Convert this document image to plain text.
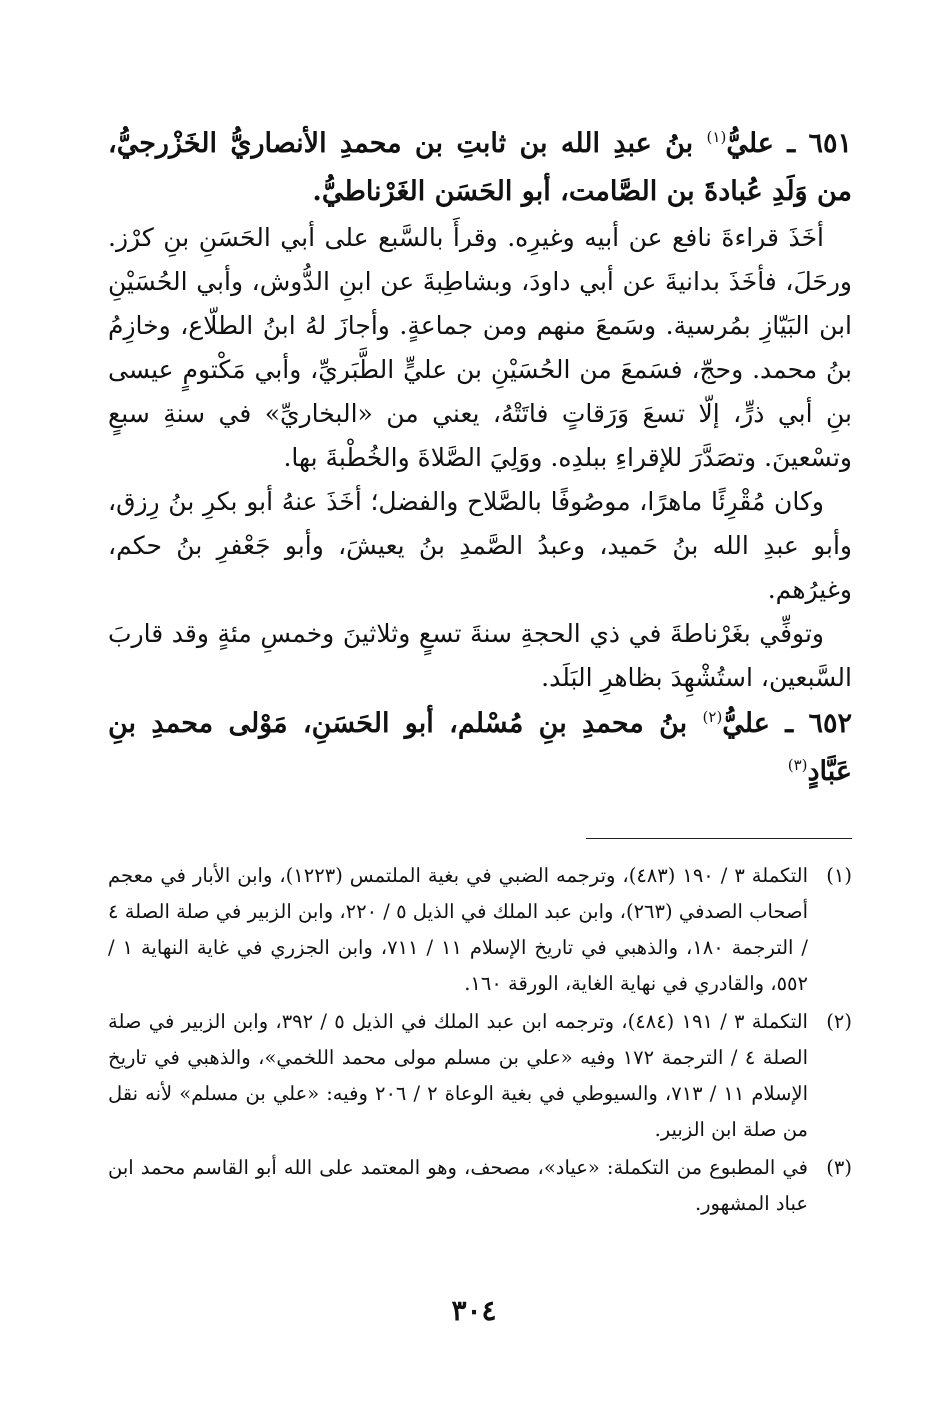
٦٥١ ـ عليُّ$^{(١)}$ بنُ عبدِ الله بن ثابتِ بن محمدِ الأنصاريُّ الخَزْرجيُّ، من وَلَدِ عُبادةَ بن الصَّامت، أبو الحَسَن الغَرْناطيُّ.

أخَذَ قراءةَ نافع عن أبيه وغيرِه. وقرأَ بالسَّبع على أبي الحَسَنِ بنِ كرْز. ورحَلَ، فأخَذَ بدانيةَ عن أبي داودَ، وبشاطِبةَ عن ابنِ الدُّوش، وأبي الحُسَيْنِ ابن البَيّازِ بمُرسية. وسَمعَ منهم ومن جماعةٍ. وأجازَ لهُ ابنُ الطلّاع، وخازِمُ بنُ محمد. وحجّ، فسَمعَ من الحُسَيْنِ بن عليٍّ الطَّبَريِّ، وأبي مَكْتومٍ عيسى بنِ أبي ذرٍّ، إلّا تسعَ وَرَقاتٍ فاتَتْهُ، يعني من «البخاريِّ» في سنةِ سبعٍ وتسْعينَ. وتصَدَّرَ للإقراءِ ببلدِه. ووَلِيَ الصَّلاةَ والخُطْبةَ بها.

وكان مُقْرِئًا ماهرًا، موصُوفًا بالصَّلاح والفضل؛ أخَذَ عنهُ أبو بكرِ بنُ رِزق، وأبو عبدِ الله بنُ حَميد، وعبدُ الصَّمدِ بنُ يعيشَ، وأبو جَعْفرِ بنُ حكم، وغيرُهم.

وتوفِّي بغَرْناطةَ في ذي الحجةِ سنةَ تسعٍ وثلاثينَ وخمسِ مئةٍ وقد قاربَ السَّبعين، استُشْهِدَ بظاهرِ البَلَد.

٦٥٢ ـ عليُّ$^{(٢)}$ بنُ محمدِ بنِ مُسْلم، أبو الحَسَنِ، مَوْلى محمدِ بنِ عَبَّادٍ$^{(٣)}$

(١)
التكملة ٣ / ١٩٠ (٤٨٣)، وترجمه الضبي في بغية الملتمس (١٢٢٣)، وابن الأبار في معجم أصحاب الصدفي (٢٦٣)، وابن عبد الملك في الذيل ٥ / ٢٢٠، وابن الزبير في صلة الصلة ٤ / الترجمة ١٨٠، والذهبي في تاريخ الإسلام ١١ / ٧١١، وابن الجزري في غاية النهاية ١ / ٥٥٢، والقادري في نهاية الغاية، الورقة ١٦٠.
(٢)
التكملة ٣ / ١٩١ (٤٨٤)، وترجمه ابن عبد الملك في الذيل ٥ / ٣٩٢، وابن الزبير في صلة الصلة ٤ / الترجمة ١٧٢ وفيه «علي بن مسلم مولى محمد اللخمي»، والذهبي في تاريخ الإسلام ١١ / ٧١٣، والسيوطي في بغية الوعاة ٢ / ٢٠٦ وفيه: «علي بن مسلم» لأنه نقل من صلة ابن الزبير.
(٣)
في المطبوع من التكملة: «عياد»، مصحف، وهو المعتمد على الله أبو القاسم محمد ابن عباد المشهور.
٣٠٤
